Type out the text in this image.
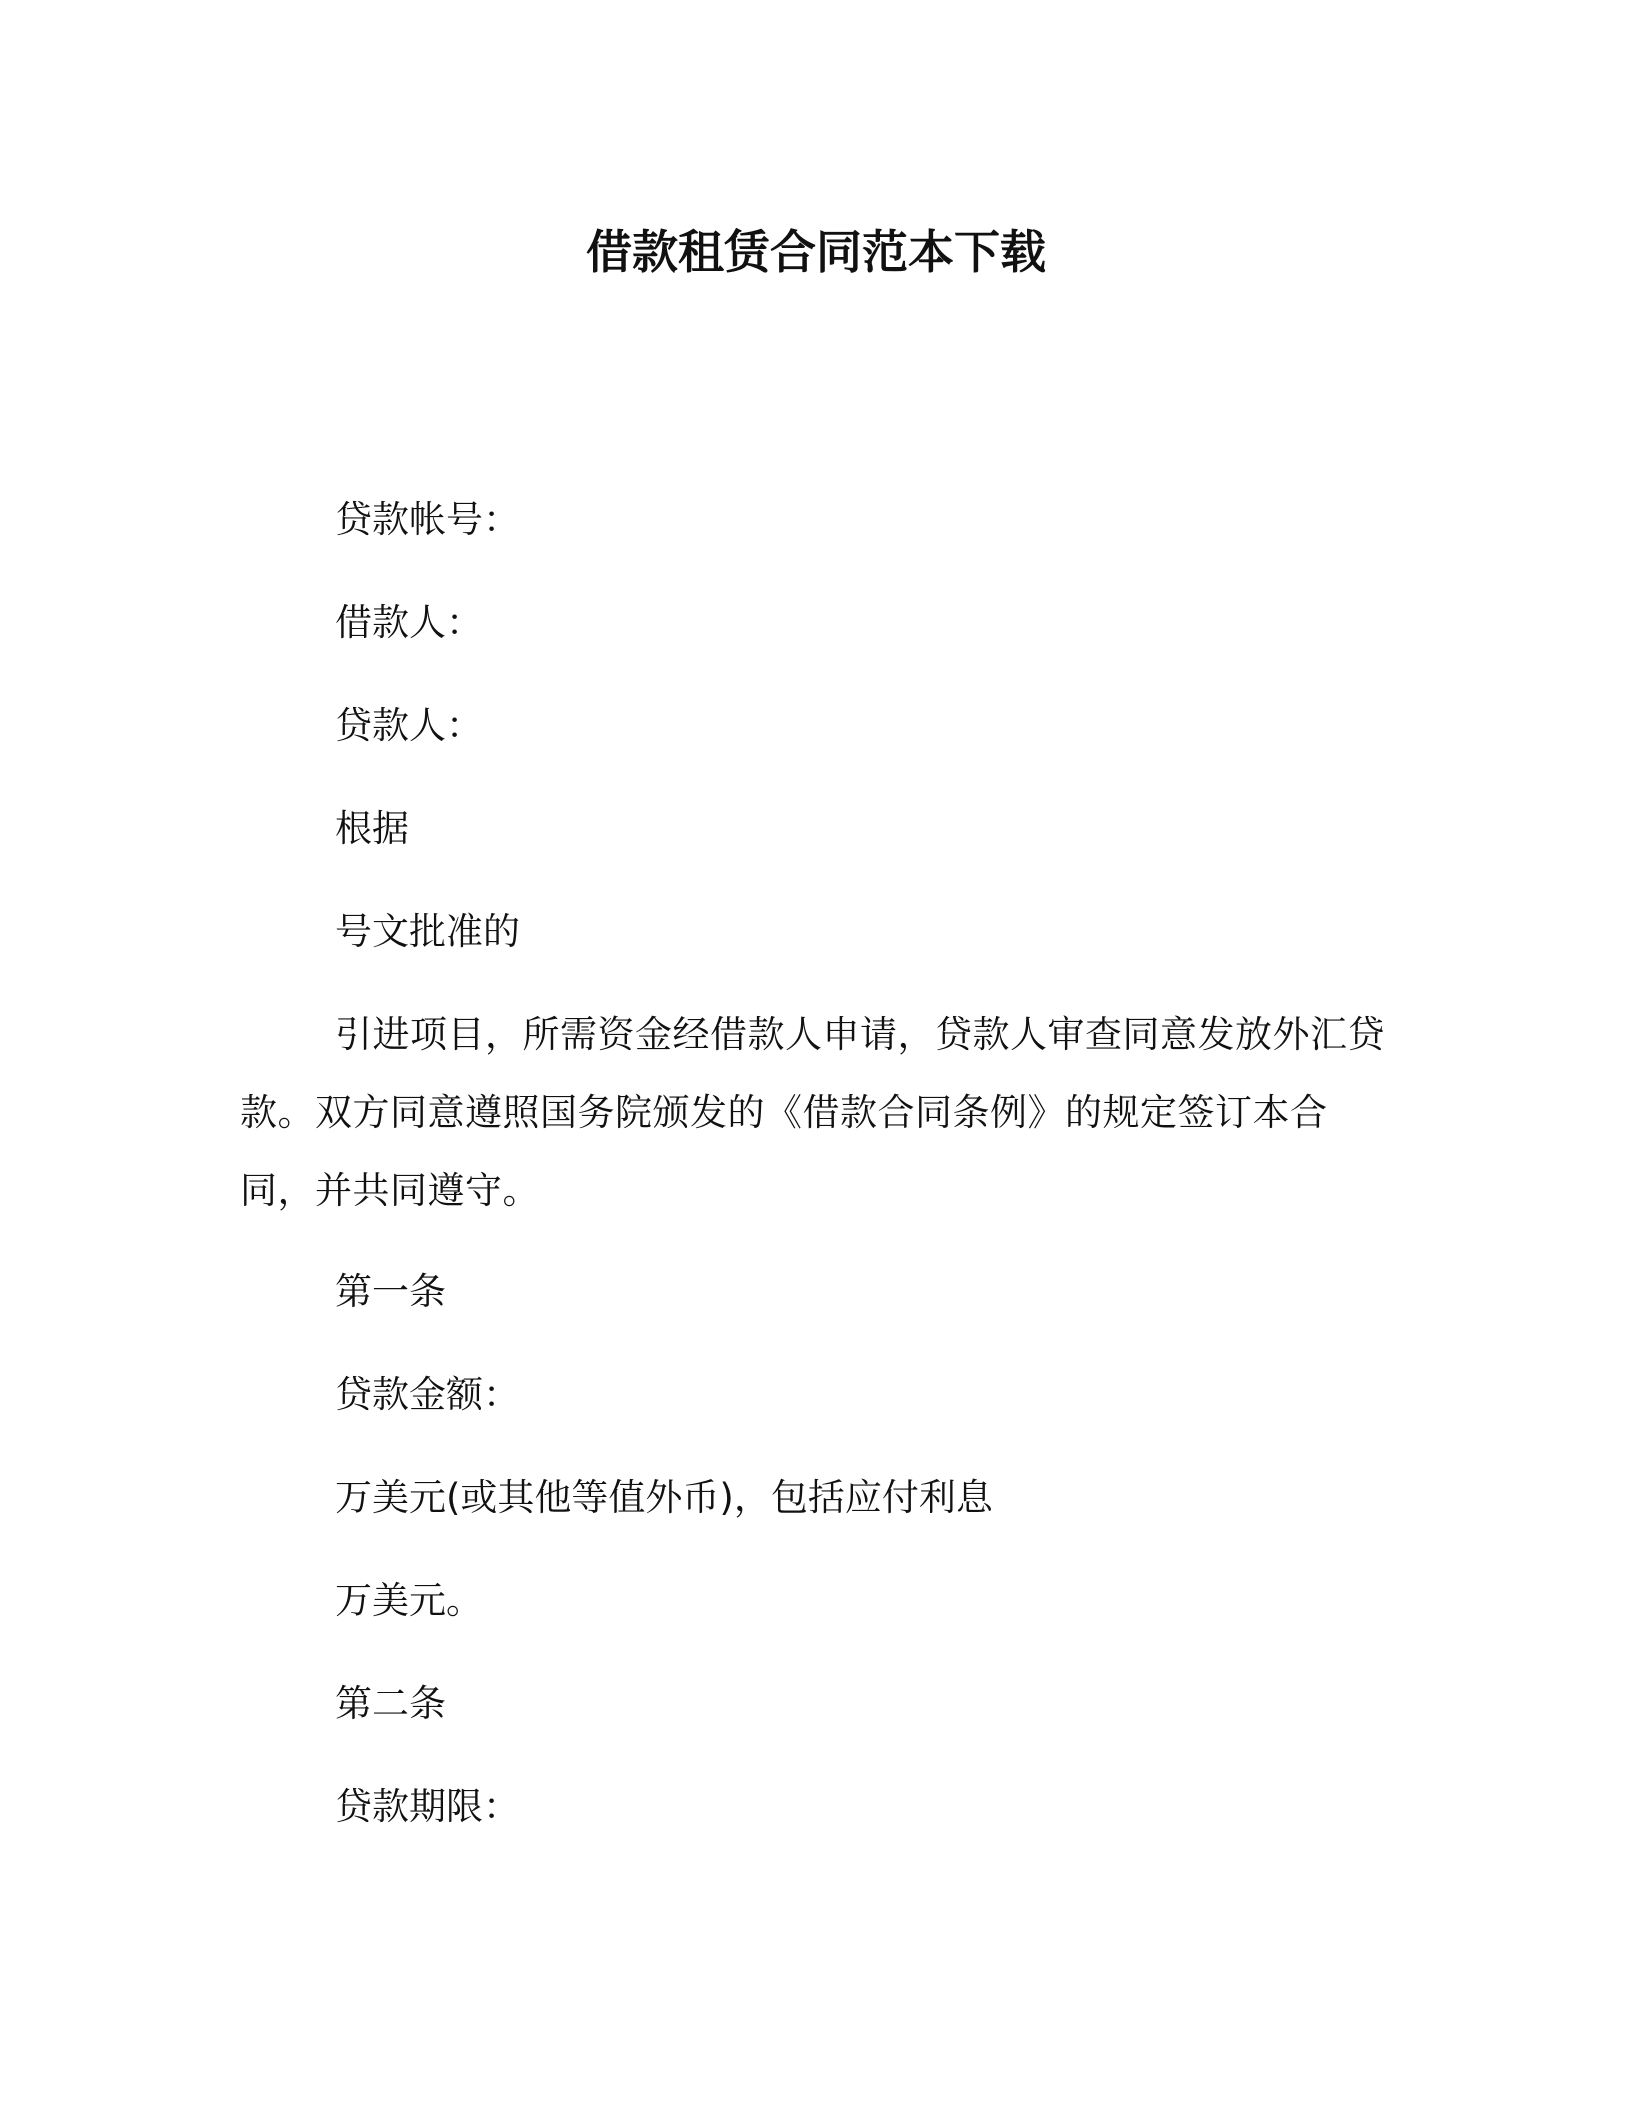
借款租赁合同范本下载
贷款帐号：
借款人：
贷款人：
根据
号文批准的
引进项目，所需资金经借款人申请，贷款人审查同意发放外汇贷款。双方同意遵照国务院颁发的《借款合同条例》的规定签订本合同，并共同遵守。
第一条
贷款金额：
万美元(或其他等值外币)，包括应付利息
万美元。
第二条
贷款期限：
